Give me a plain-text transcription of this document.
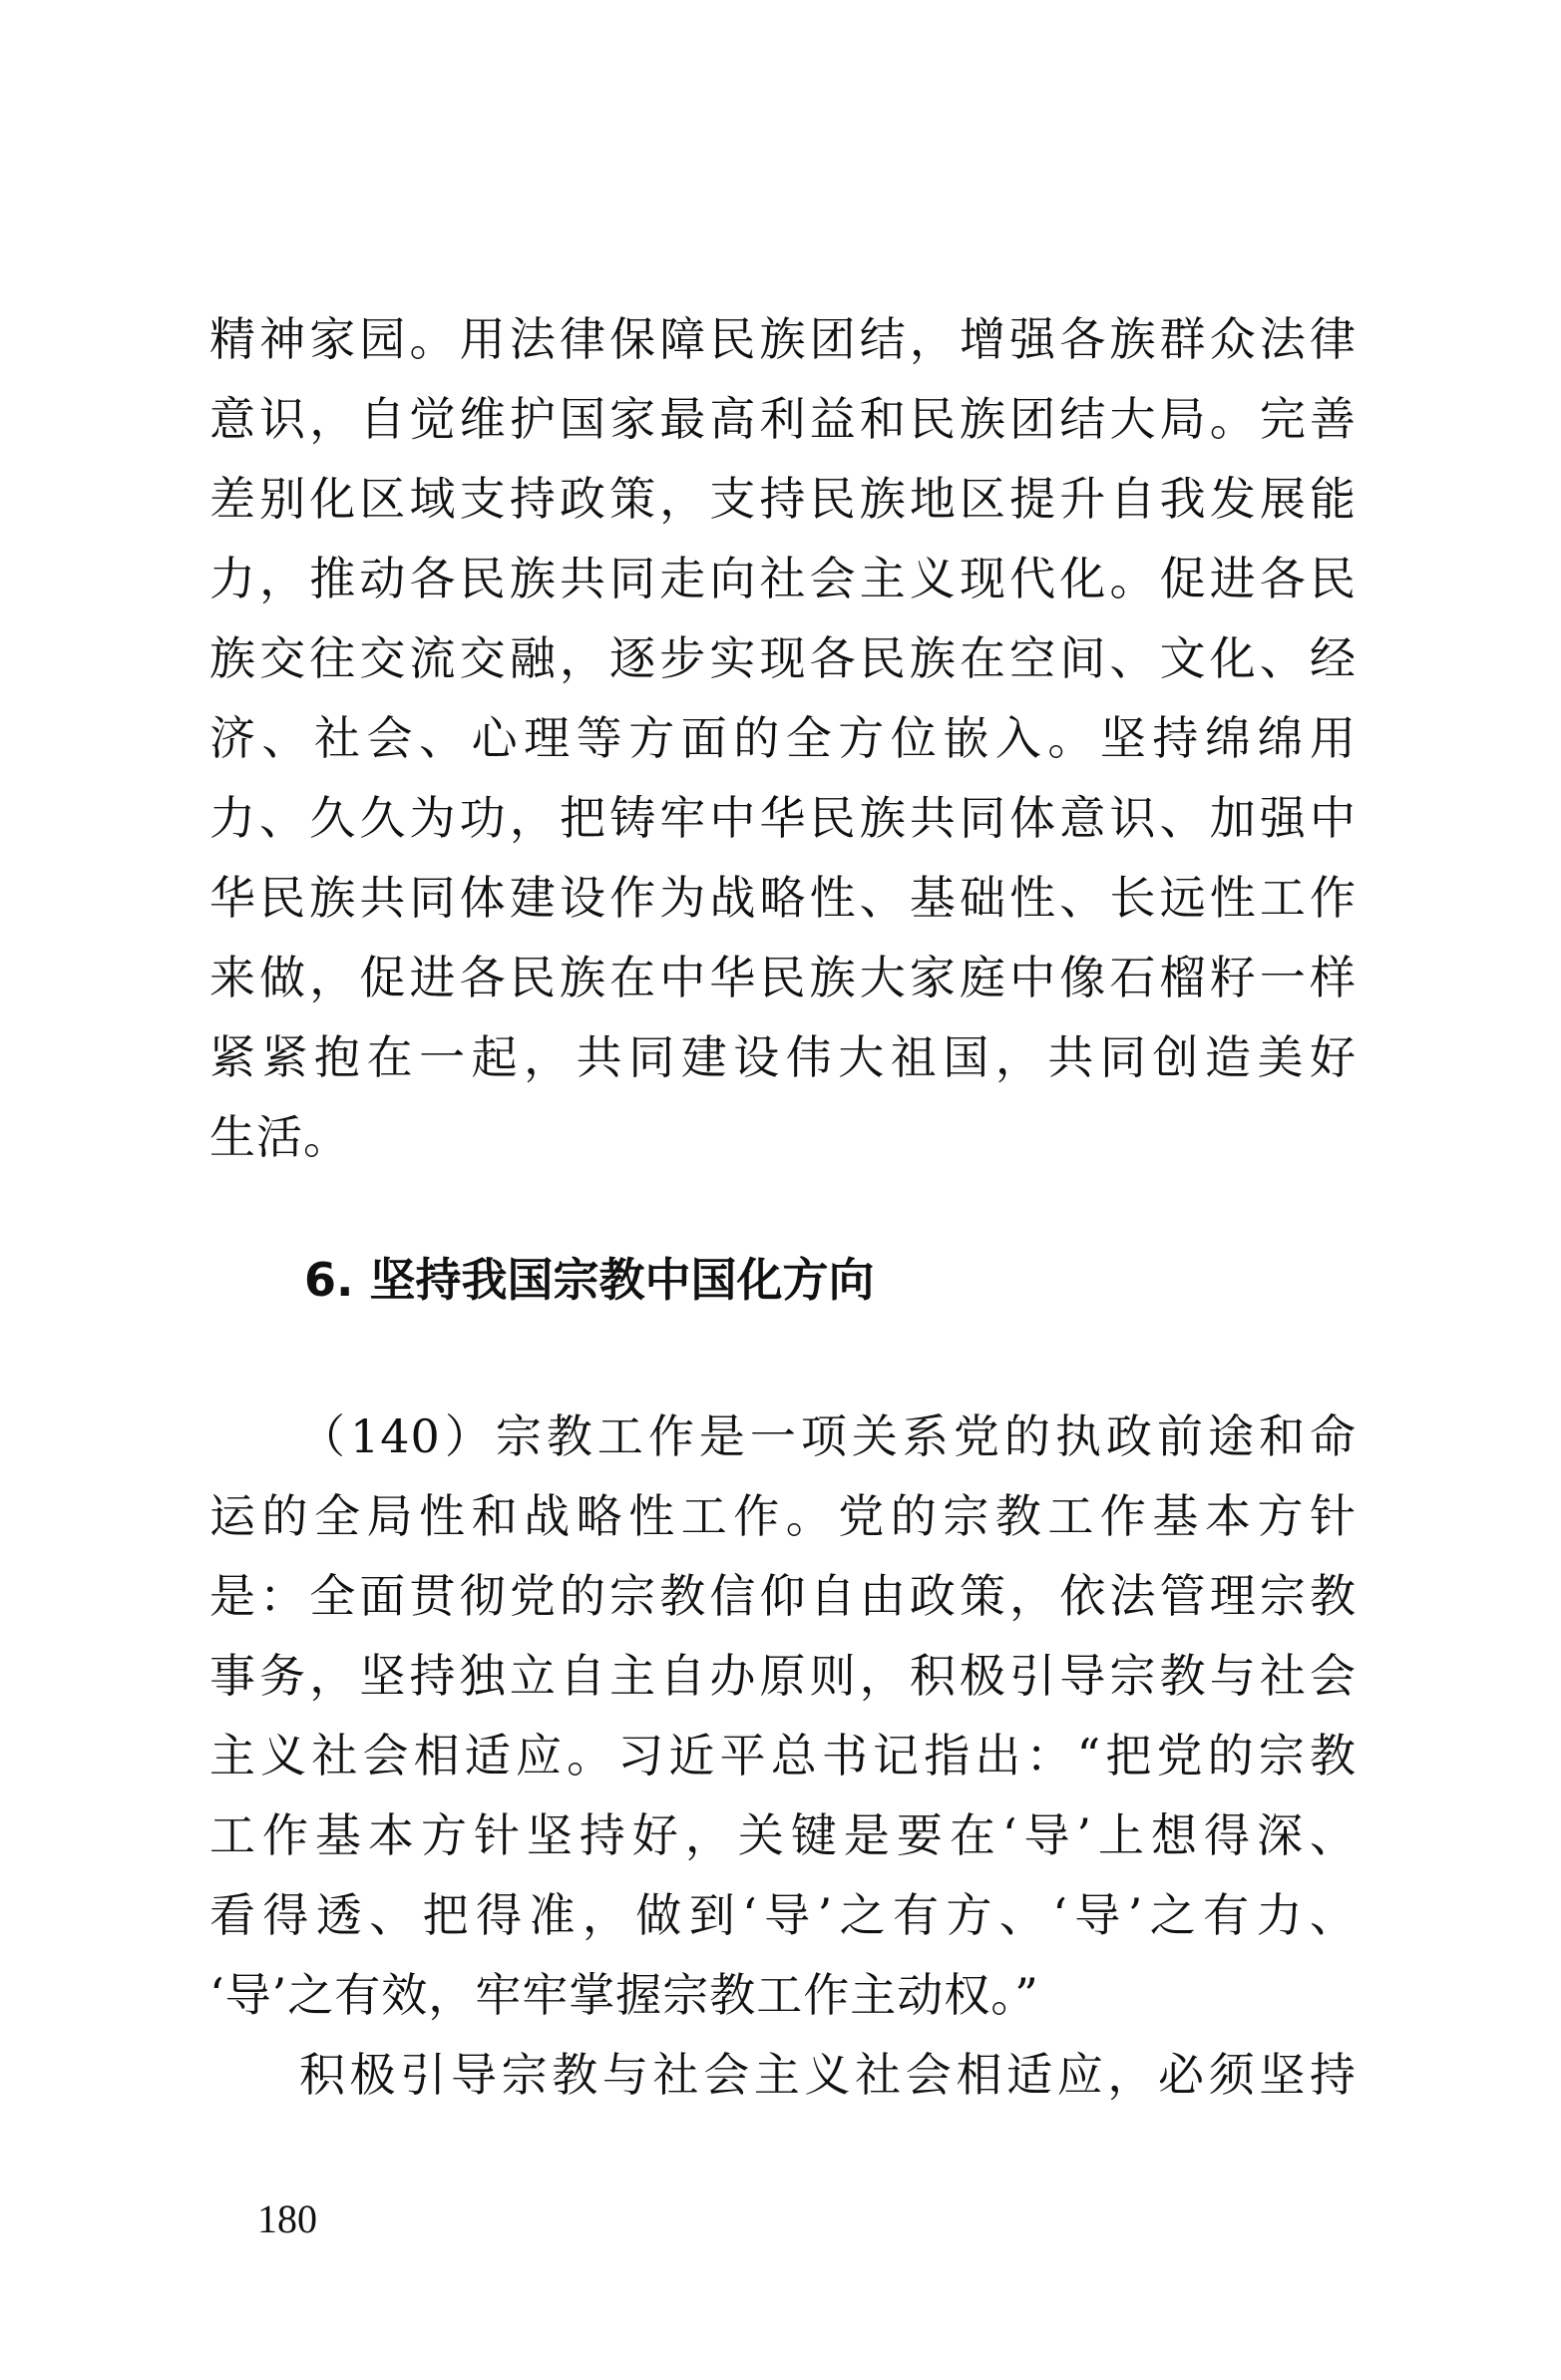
精神家园。用法律保障民族团结，增强各族群众法律
意识，自觉维护国家最高利益和民族团结大局。完善
差别化区域支持政策，支持民族地区提升自我发展能
力，推动各民族共同走向社会主义现代化。促进各民
族交往交流交融，逐步实现各民族在空间、文化、经
济、社会、心理等方面的全方位嵌入。坚持绵绵用
力、久久为功，把铸牢中华民族共同体意识、加强中
华民族共同体建设作为战略性、基础性、长远性工作
来做，促进各民族在中华民族大家庭中像石榴籽一样
紧紧抱在一起，共同建设伟大祖国，共同创造美好
生活。
6. 坚持我国宗教中国化方向
（140）宗教工作是一项关系党的执政前途和命
运的全局性和战略性工作。党的宗教工作基本方针
是：全面贯彻党的宗教信仰自由政策，依法管理宗教
事务，坚持独立自主自办原则，积极引导宗教与社会
主义社会相适应。习近平总书记指出：“把党的宗教
工作基本方针坚持好，关键是要在‘导’上想得深、
看得透、把得准，做到‘导’之有方、‘导’之有力、
‘导’之有效，牢牢掌握宗教工作主动权。”
积极引导宗教与社会主义社会相适应，必须坚持
180
